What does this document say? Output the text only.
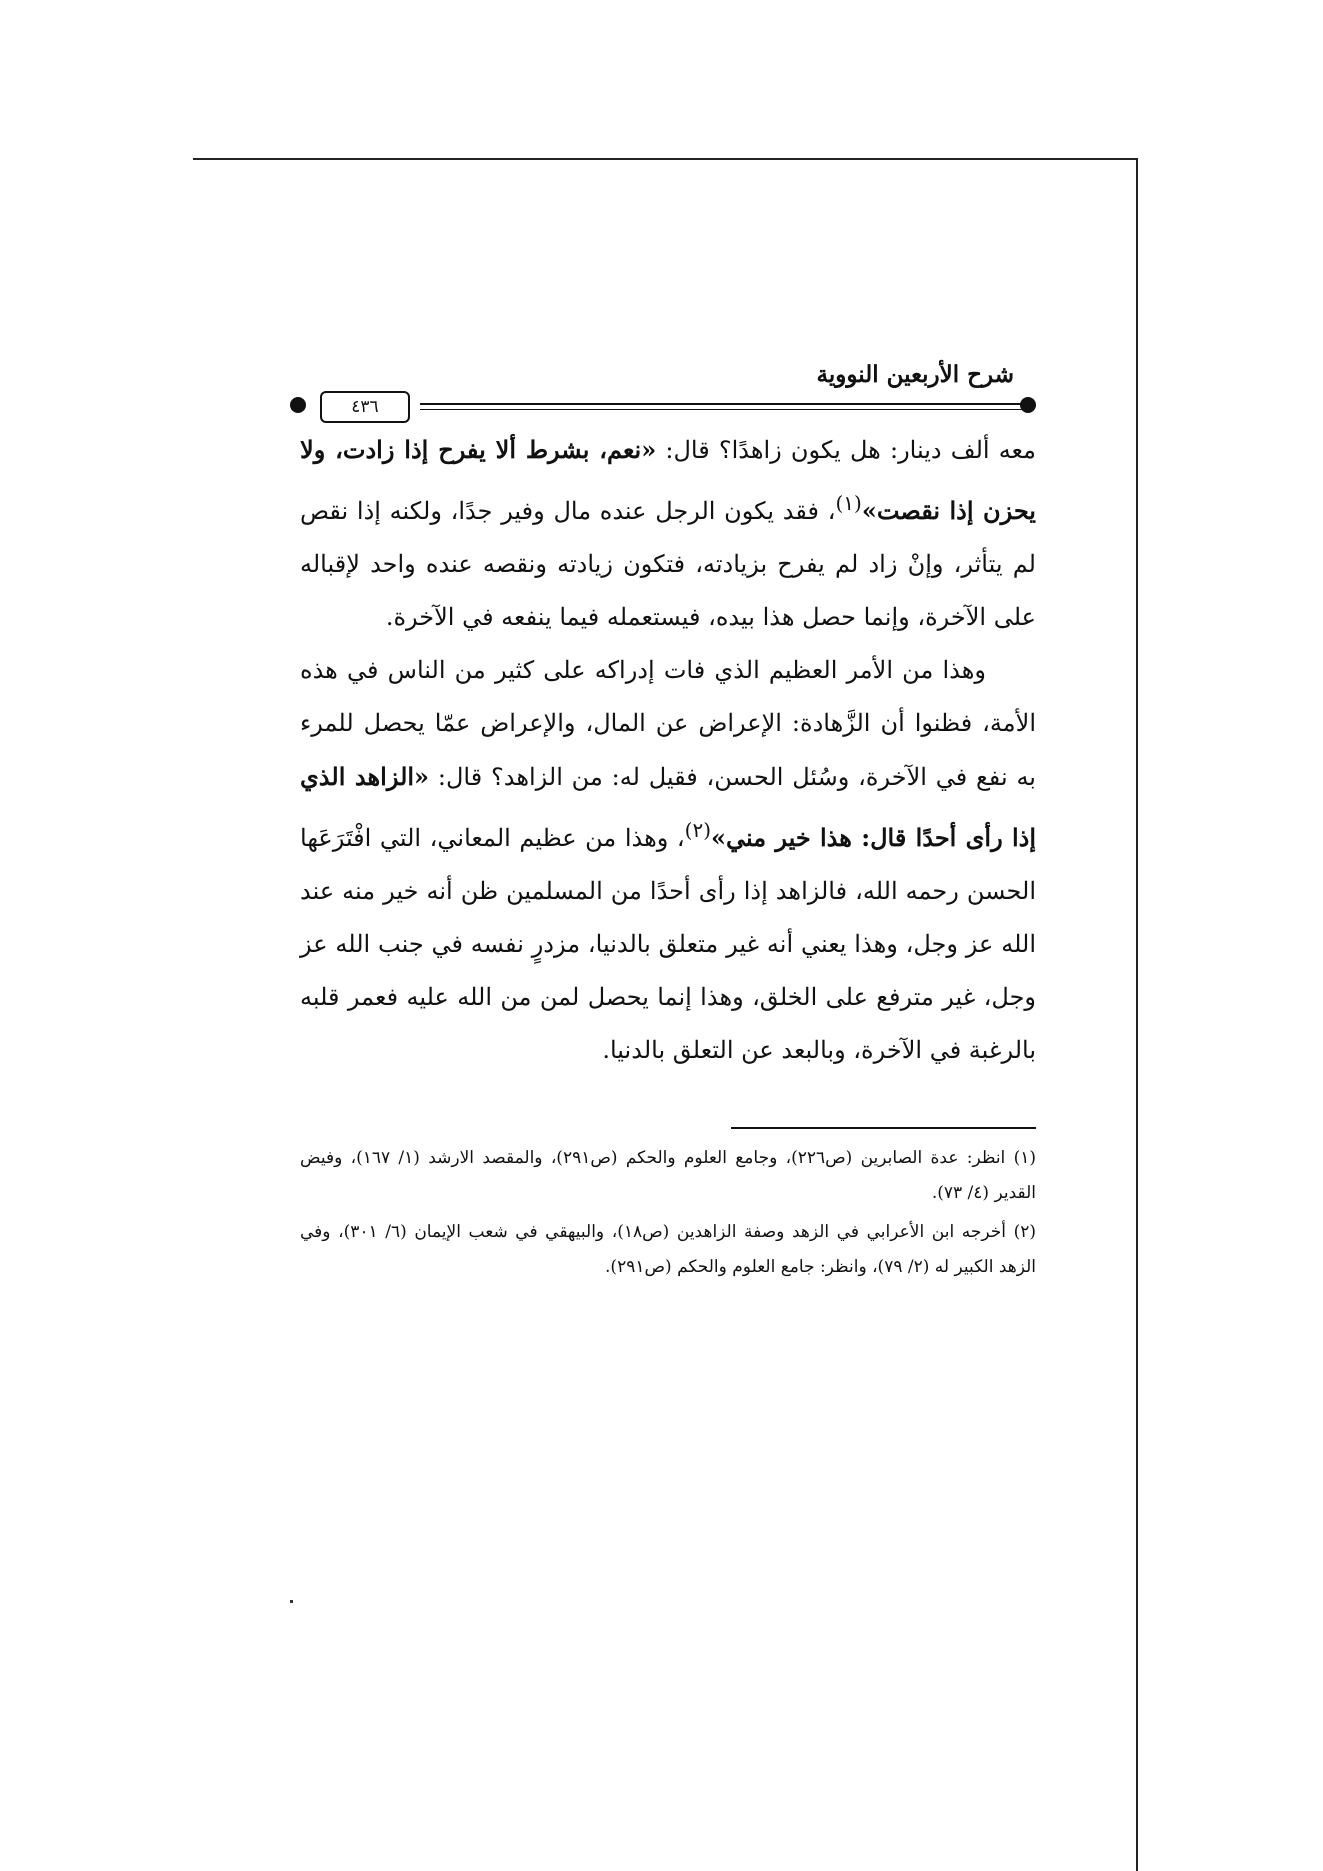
شرح الأربعين النووية
٤٣٦

معه ألف دينار: هل يكون زاهدًا؟ قال: «نعم، بشرط ألا يفرح إذا زادت، ولا يحزن إذا نقصت»$^{(١)}$، فقد يكون الرجل عنده مال وفير جدًا، ولكنه إذا نقص لم يتأثر، وإنْ زاد لم يفرح بزيادته، فتكون زيادته ونقصه عنده واحد لإقباله على الآخرة، وإنما حصل هذا بيده، فيستعمله فيما ينفعه في الآخرة.

وهذا من الأمر العظيم الذي فات إدراكه على كثير من الناس في هذه الأمة، فظنوا أن الزَّهادة: الإعراض عن المال، والإعراض عمّا يحصل للمرء به نفع في الآخرة، وسُئل الحسن، فقيل له: من الزاهد؟ قال: «الزاهد الذي إذا رأى أحدًا قال: هذا خير مني»$^{(٢)}$، وهذا من عظيم المعاني، التي افْتَرَعَها الحسن رحمه الله، فالزاهد إذا رأى أحدًا من المسلمين ظن أنه خير منه عند الله عز وجل، وهذا يعني أنه غير متعلق بالدنيا، مزدرٍ نفسه في جنب الله عز وجل، غير مترفع على الخلق، وهذا إنما يحصل لمن من الله عليه فعمر قلبه بالرغبة في الآخرة، وبالبعد عن التعلق بالدنيا.

(١) انظر: عدة الصابرين (ص٢٢٦)، وجامع العلوم والحكم (ص٢٩١)، والمقصد الارشد (١/ ١٦٧)، وفيض القدير (٤/ ٧٣).

(٢) أخرجه ابن الأعرابي في الزهد وصفة الزاهدين (ص١٨)، والبيهقي في شعب الإيمان (٦/ ٣٠١)، وفي الزهد الكبير له (٢/ ٧٩)، وانظر: جامع العلوم والحكم (ص٢٩١).
